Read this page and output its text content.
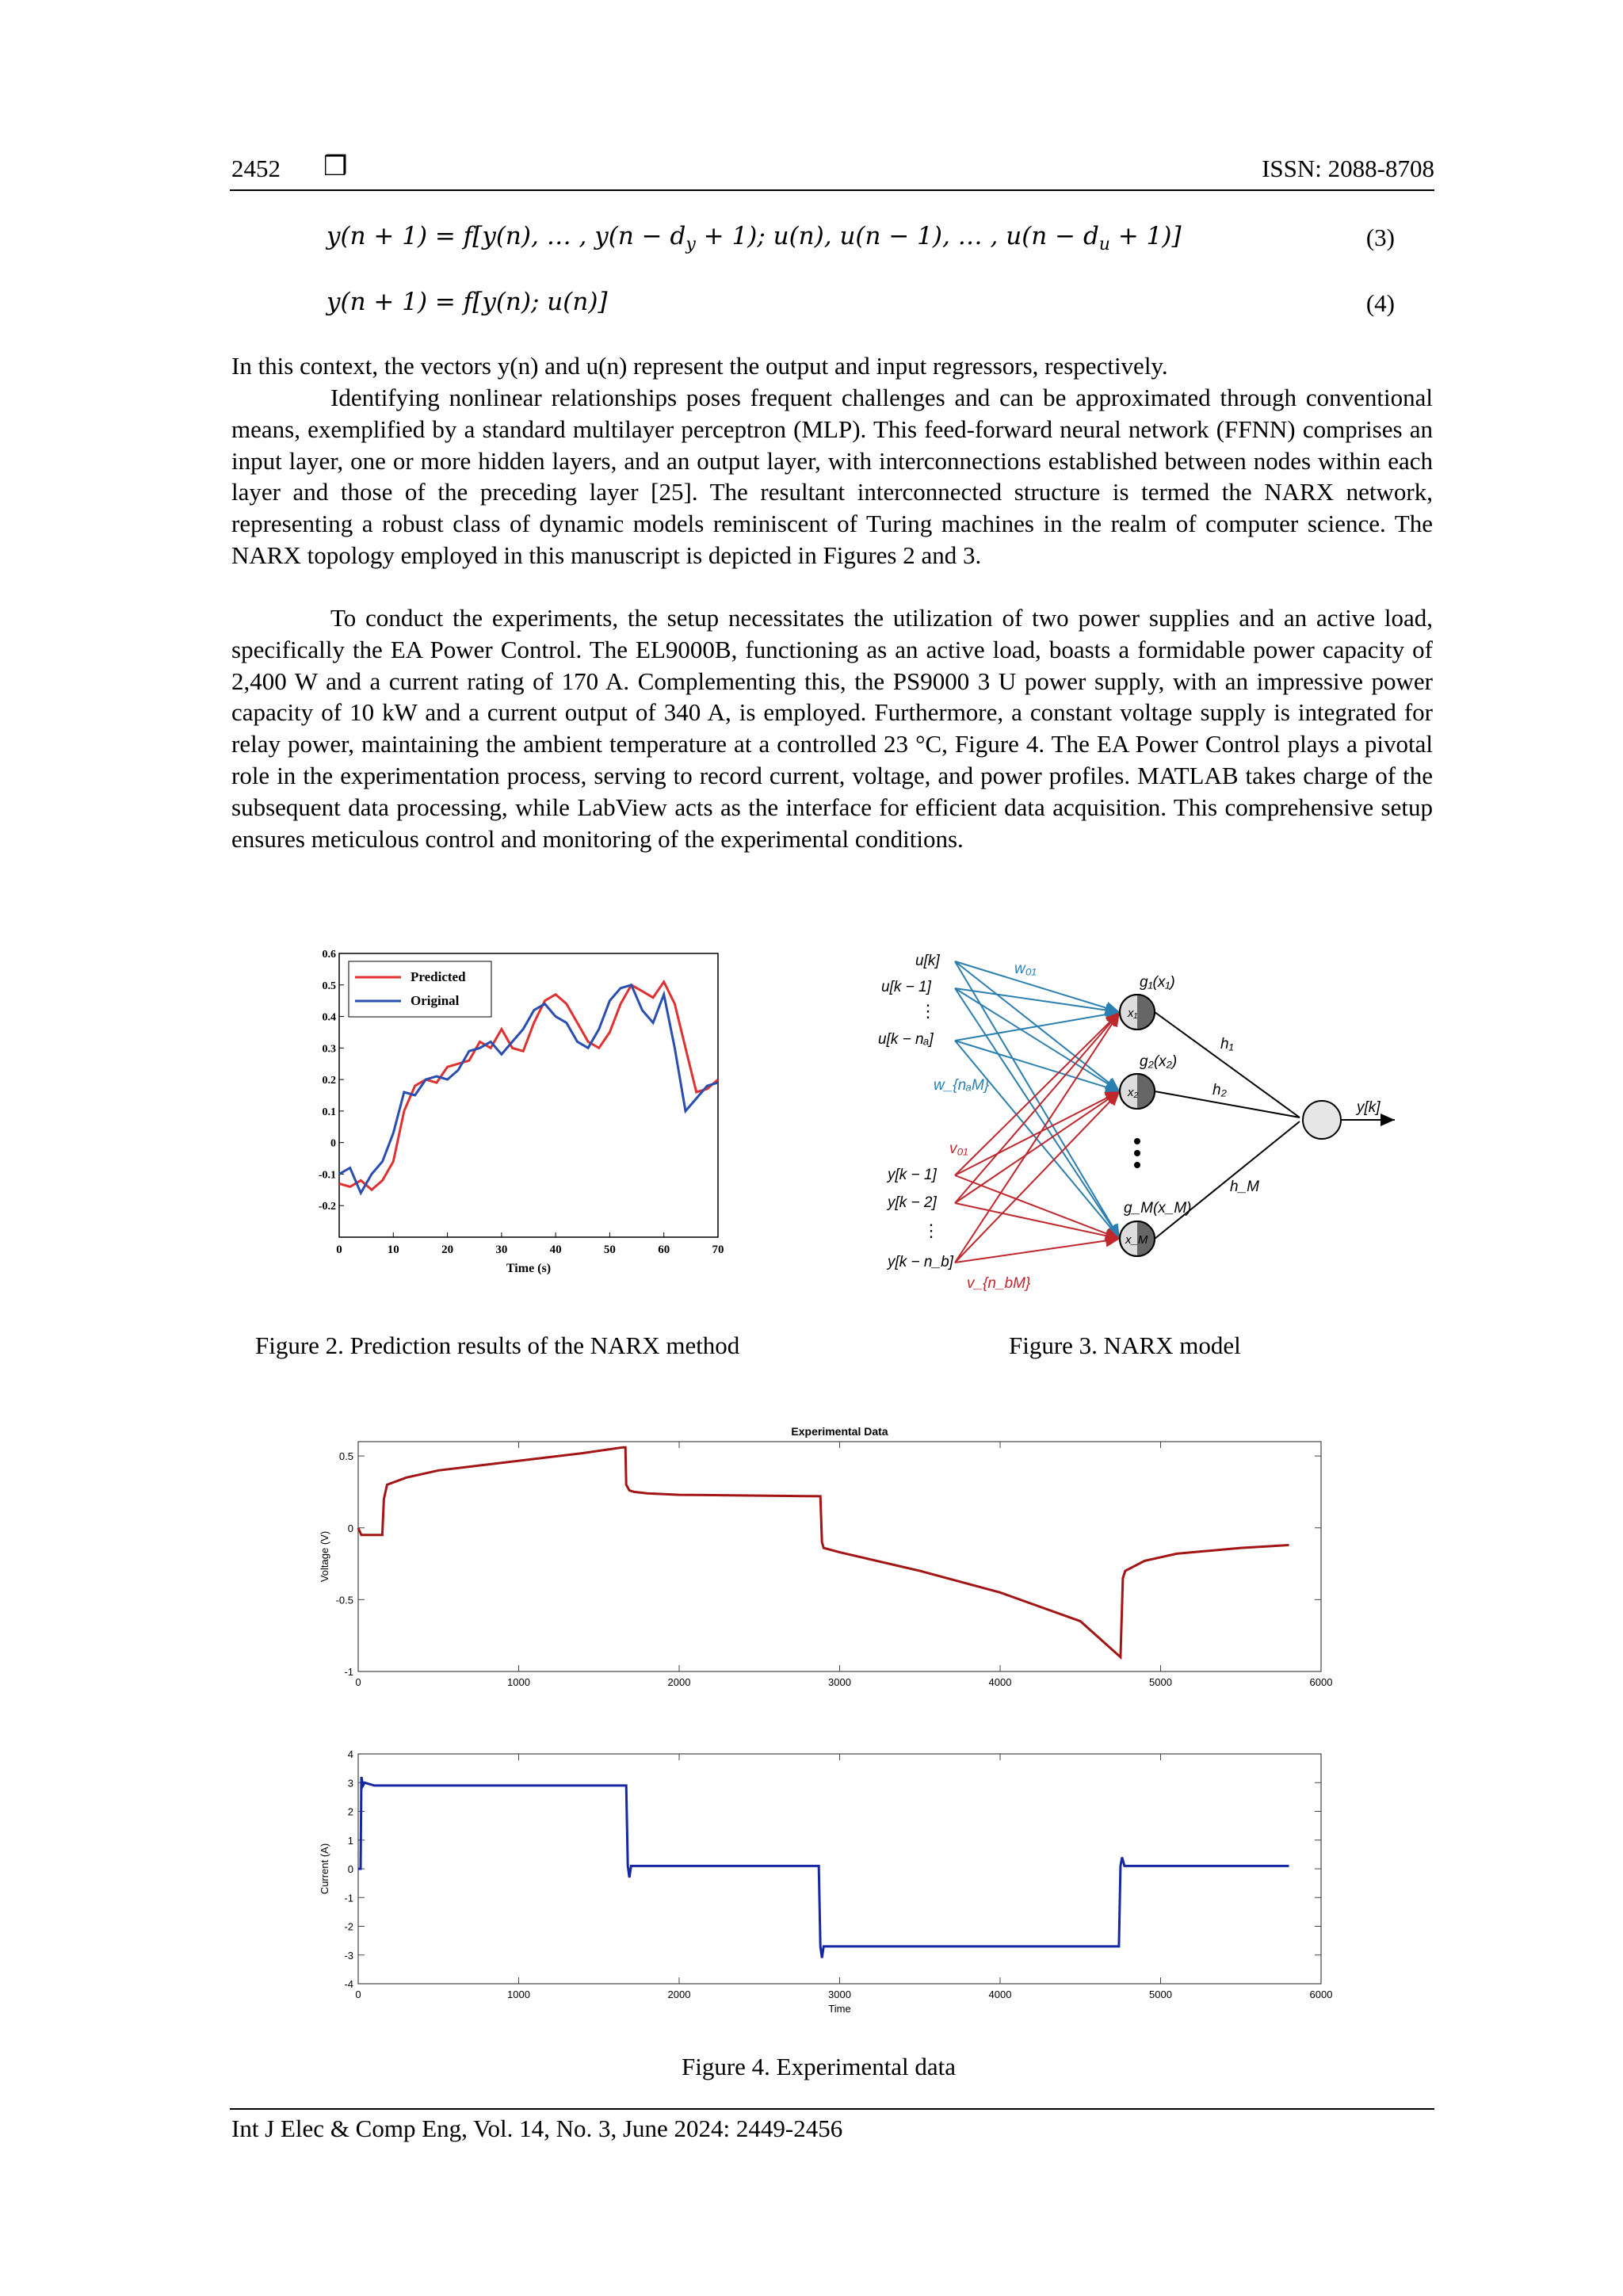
2452 ❒	ISSN: 2088-8708
y(n + 1) = f[y(n), … , $y(n - d_y + 1)$; u(n), u(n − 1), … , $u(n - d_u + 1)$]	(3)
y(n + 1) = f[y(n); u(n)]	(4)

In this context, the vectors y(n) and u(n) represent the output and input regressors, respectively.

Identifying nonlinear relationships poses frequent challenges and can be approximated through conventional means, exemplified by a standard multilayer perceptron (MLP). This feed-forward neural network (FFNN) comprises an input layer, one or more hidden layers, and an output layer, with interconnections established between nodes within each layer and those of the preceding layer [25]. The resultant interconnected structure is termed the NARX network, representing a robust class of dynamic models reminiscent of Turing machines in the realm of computer science. The NARX topology employed in this manuscript is depicted in Figures 2 and 3.

To conduct the experiments, the setup necessitates the utilization of two power supplies and an active load, specifically the EA Power Control. The EL9000B, functioning as an active load, boasts a formidable power capacity of 2,400 W and a current rating of 170 A. Complementing this, the PS9000 3 U power supply, with an impressive power capacity of 10 kW and a current output of 340 A, is employed. Furthermore, a constant voltage supply is integrated for relay power, maintaining the ambient temperature at a controlled 23 °C, Figure 4. The EA Power Control plays a pivotal role in the experimentation process, serving to record current, voltage, and power profiles. MATLAB takes charge of the subsequent data processing, while LabView acts as the interface for efficient data acquisition. This comprehensive setup ensures meticulous control and monitoring of the experimental conditions.

0	10	20	30	40	50	60	70
0.6
0.5
0.4
0.3
0.2
0.1
0
-0.1
-0.2
Time (s)
Predicted
Original
Figure 2. Prediction results of the NARX method
y[k]
x₁
x₂
x_M
g₁(x₁)
g₂(x₂)
g_M(x_M)
h₁
h₂
h_M
u[k]
u[k − 1]
⋮
u[k − nₐ]
y[k − 1]
y[k − 2]
⋮
y[k − n_b]
w₀₁
w_{nₐM}
v₀₁
v_{n_bM}
Figure 3. NARX model
0	1000	2000	3000	4000	5000	6000
0.5
0
-0.5
-1
Experimental Data
Voltage (V)
0	1000	2000	3000	4000	5000	6000
4
3
2
1
0
-1
-2
-3
-4
Current (A)
Time
Figure 4. Experimental data
Int J Elec & Comp Eng, Vol. 14, No. 3, June 2024: 2449-2456
